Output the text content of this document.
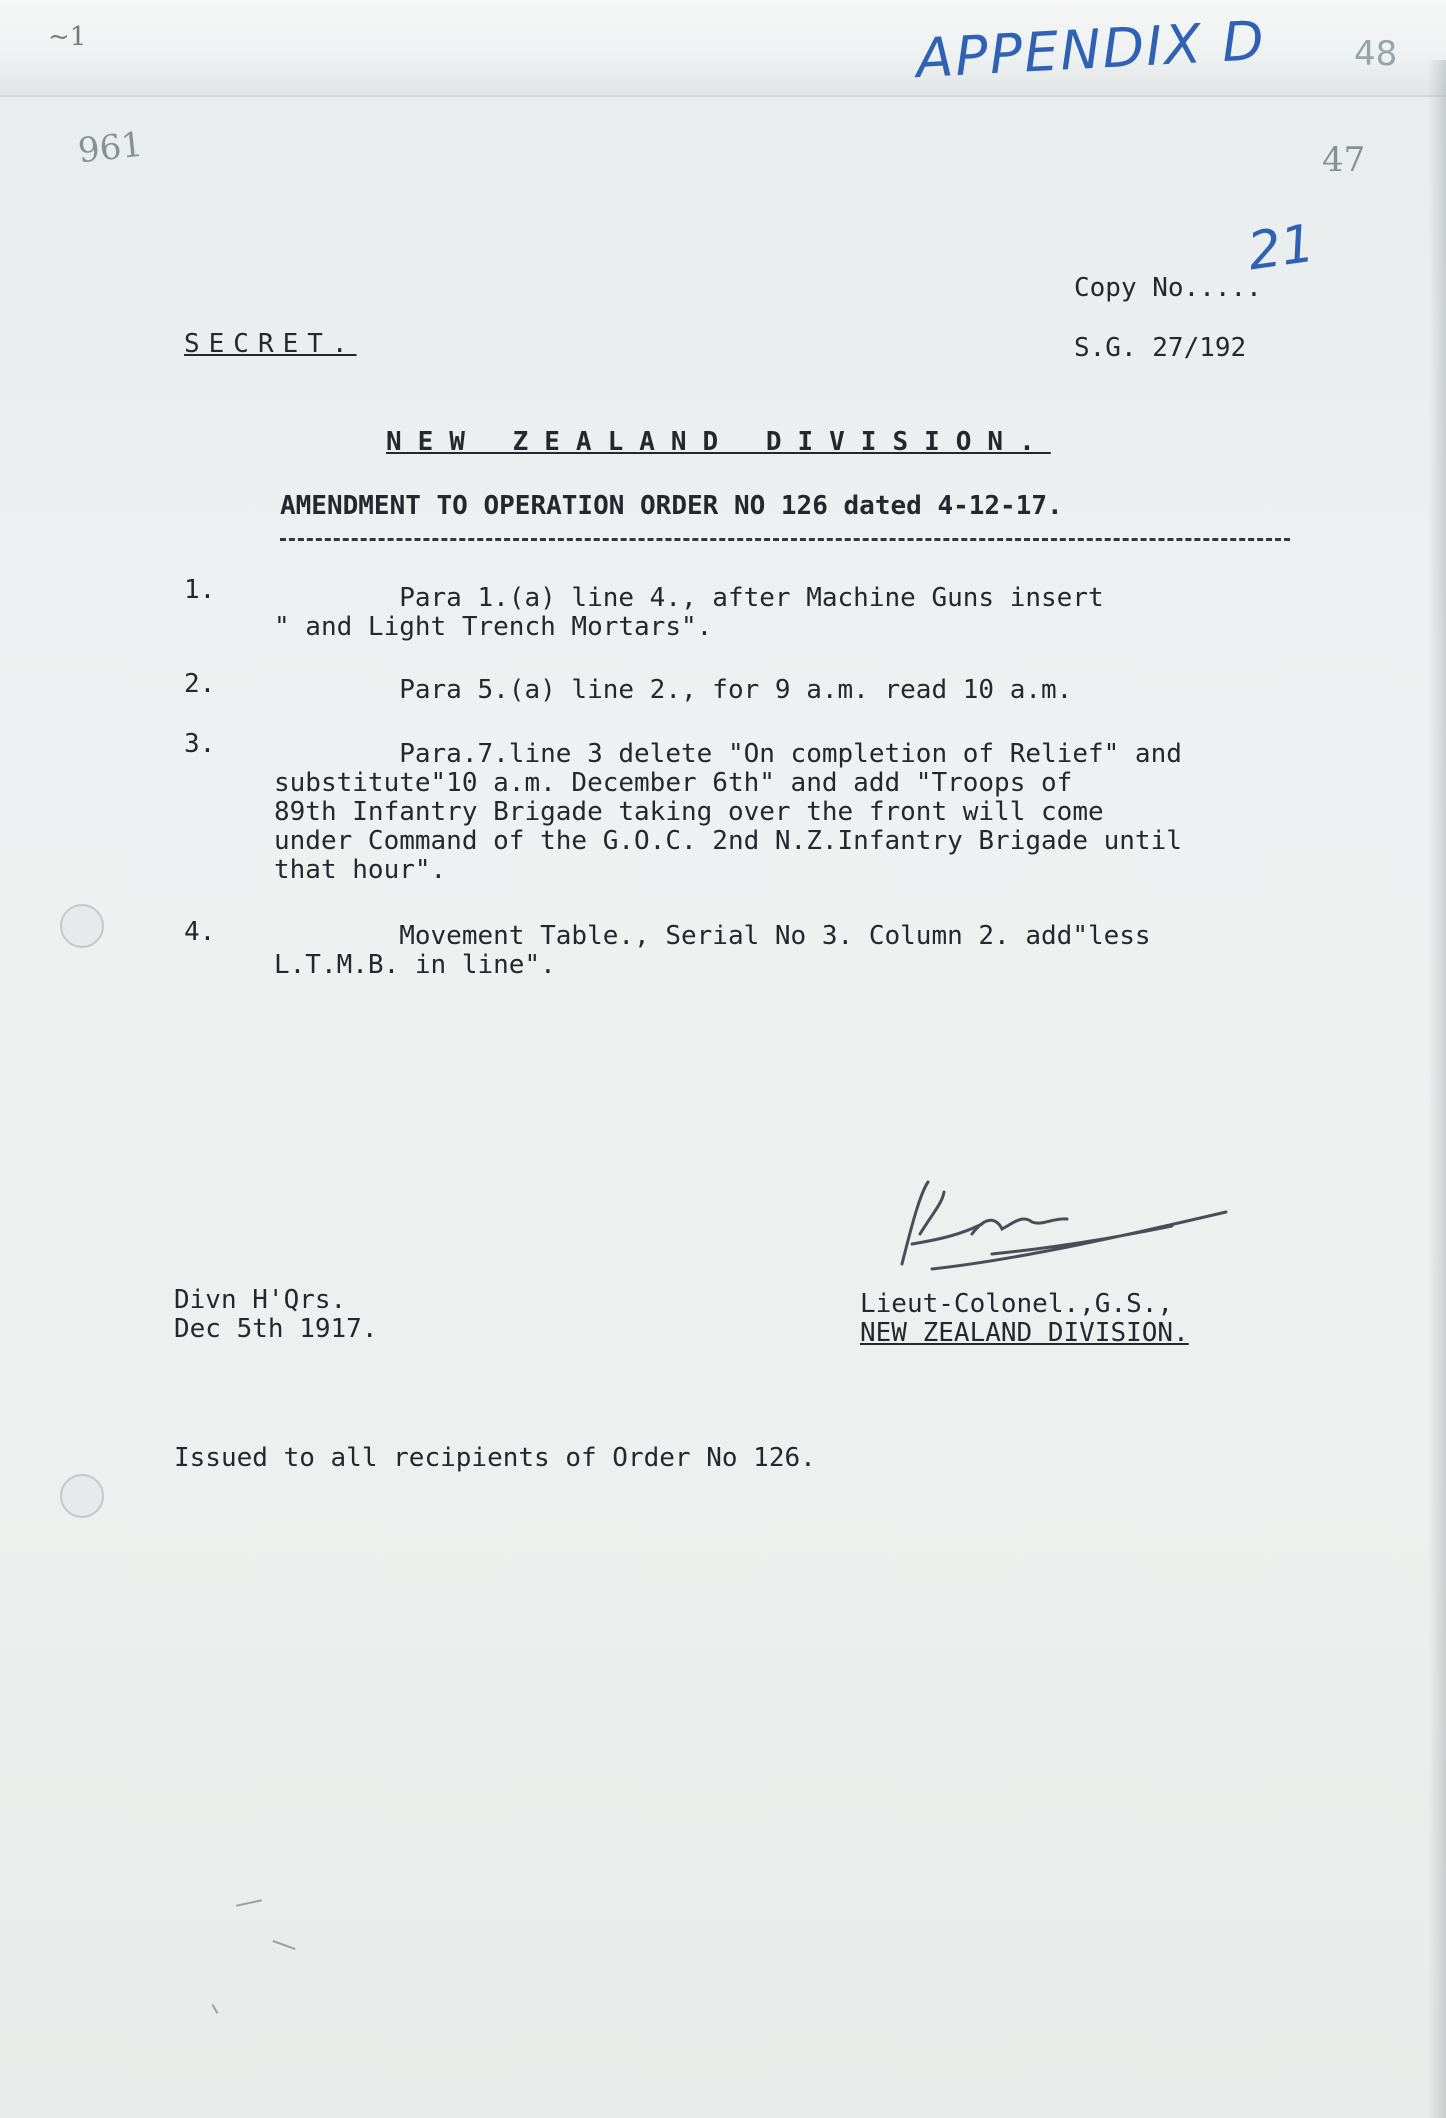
~1	APPENDIX D	48
961	47
21
Copy No.....
S.G. 27/192
SECRET.
NEW ZEALAND DIVISION.
AMENDMENT TO OPERATION ORDER NO 126 dated 4-12-17.
1.	Para 1.(a) line 4., after Machine Guns insert
" and Light Trench Mortars".
2. Para 5.(a) line 2., for 9 a.m. read 10 a.m.
3.	Para.7.line 3 delete "On completion of Relief" and
substitute"10 a.m. December 6th" and add "Troops of
89th Infantry Brigade taking over the front will come
under Command of the G.O.C. 2nd N.Z.Infantry Brigade until
that hour".
4.	Movement Table., Serial No 3. Column 2. add"less
L.T.M.B. in line".
Divn H'Qrs.
Dec 5th 1917.
Lieut-Colonel.,G.S.,
NEW ZEALAND DIVISION.
Issued to all recipients of Order No 126.
